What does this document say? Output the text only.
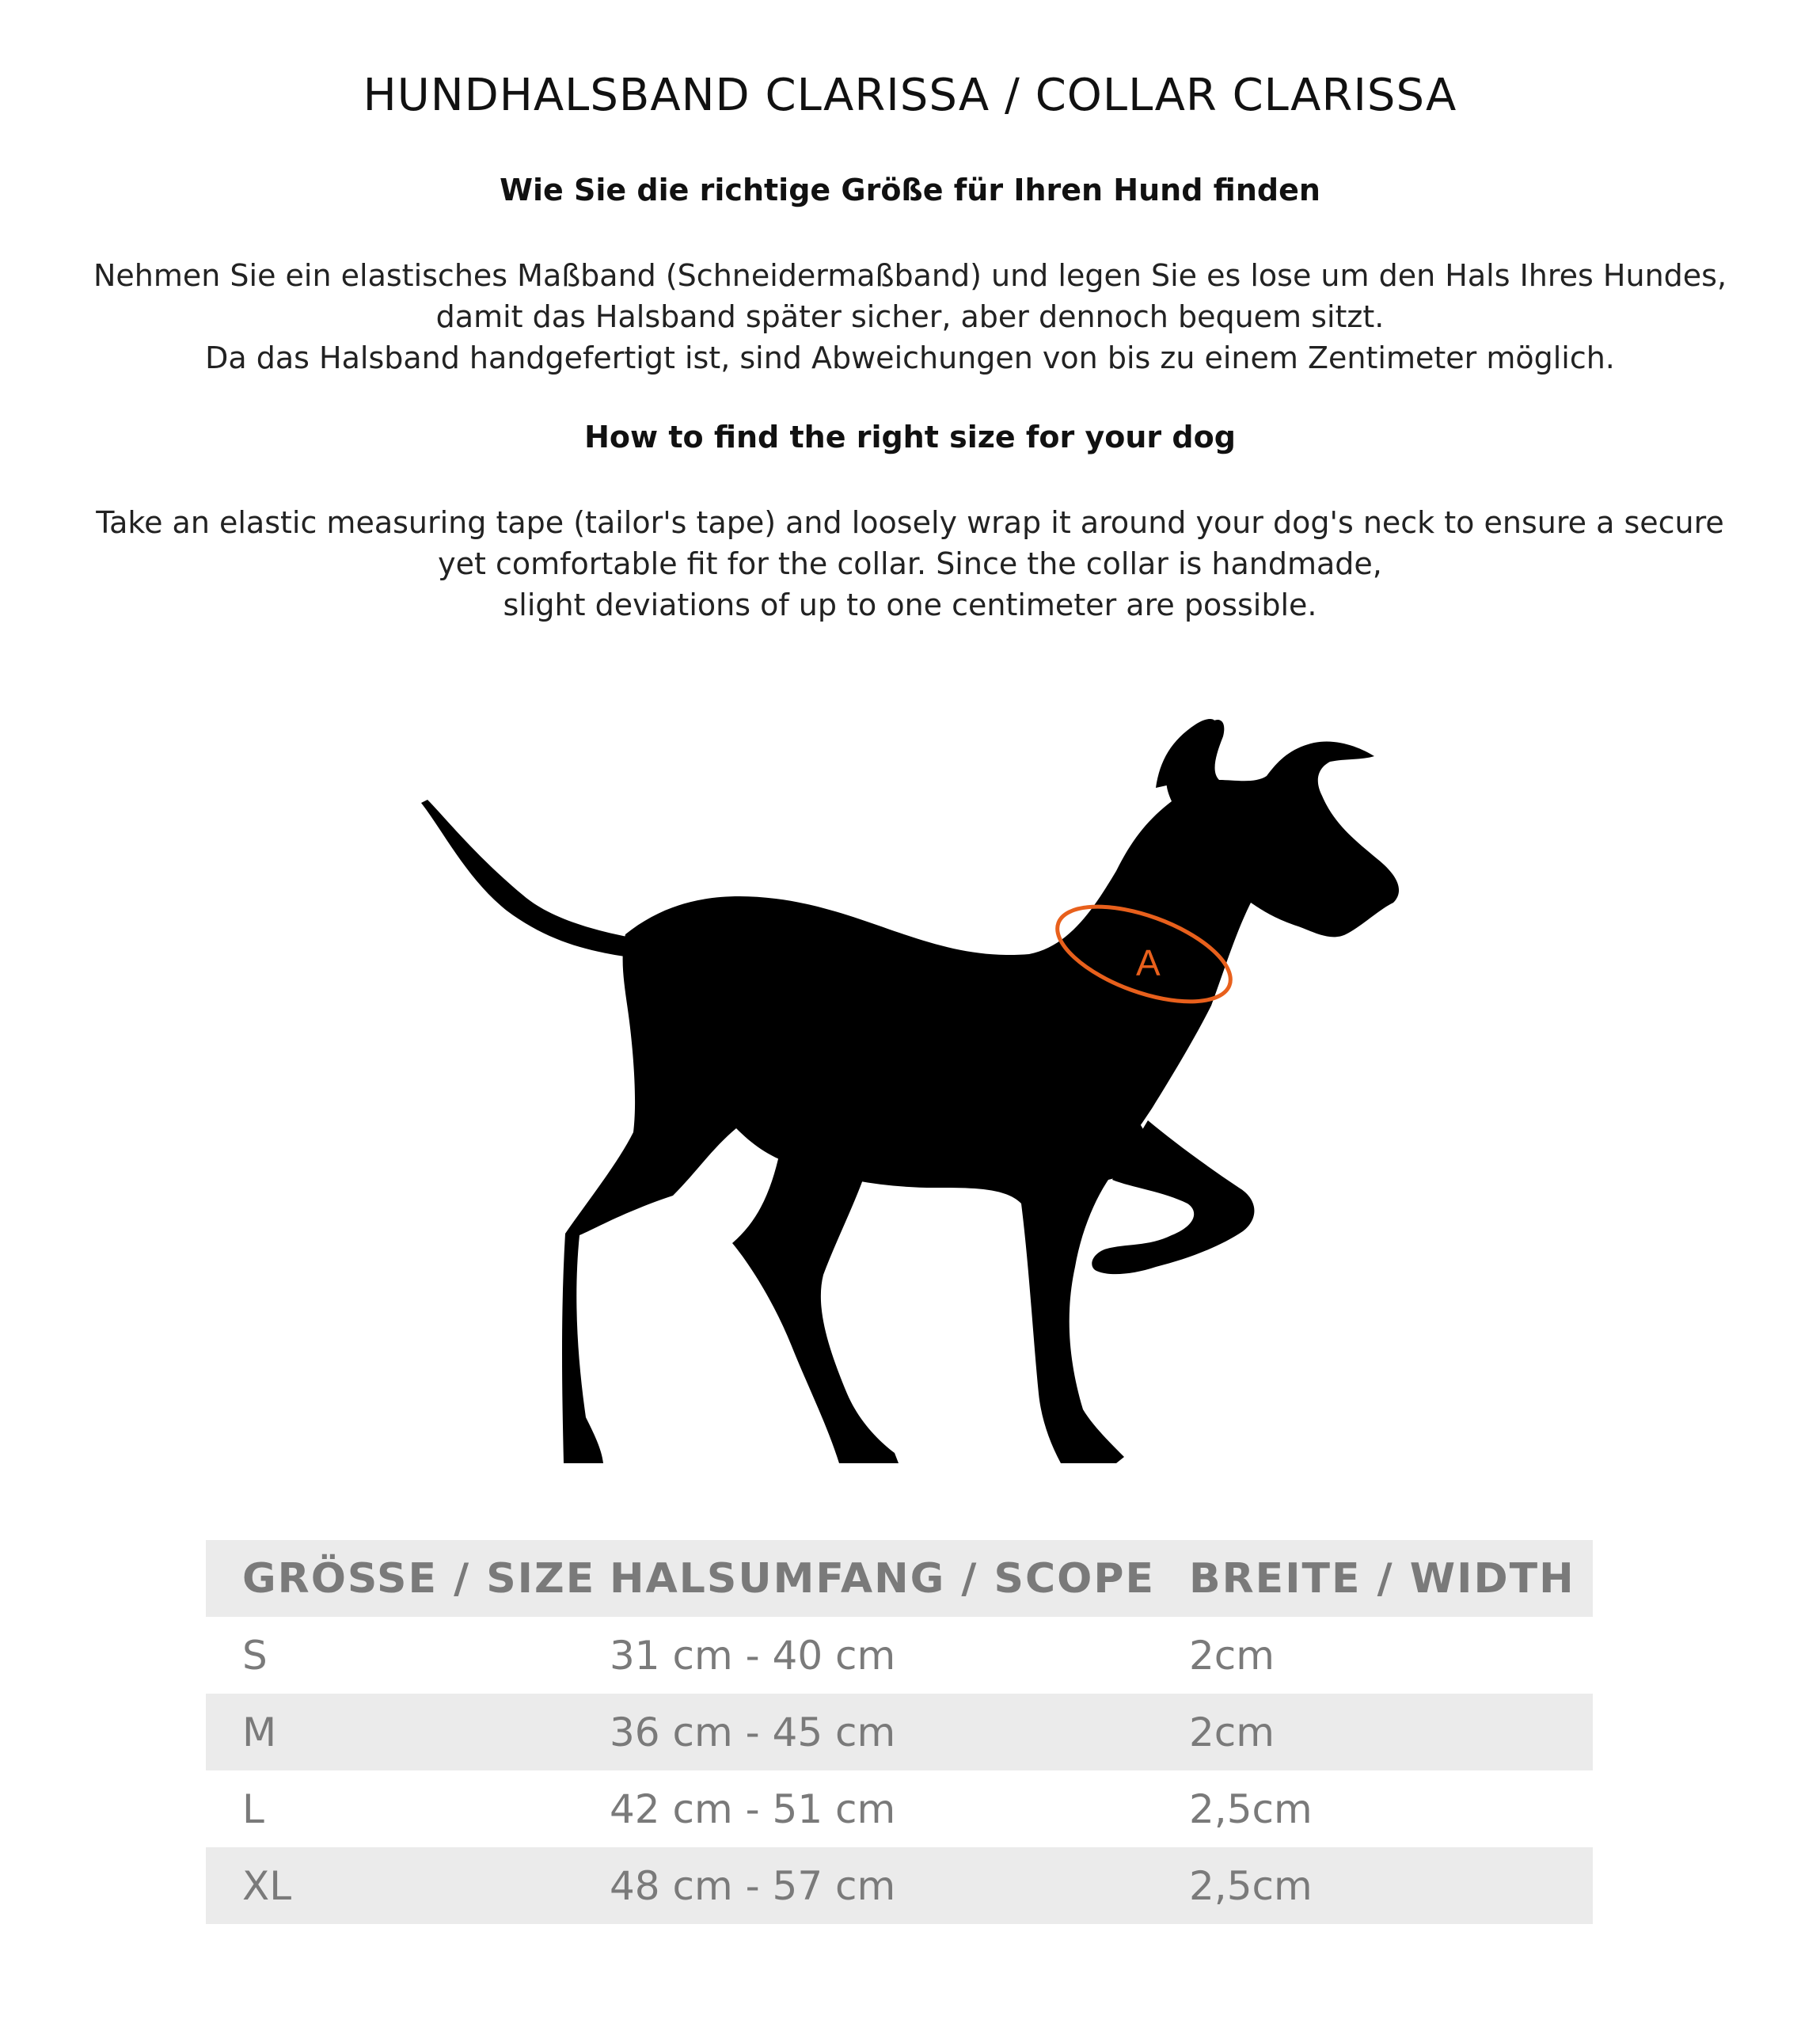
HUNDHALSBAND CLARISSA / COLLAR CLARISSA
Wie Sie die richtige Größe für Ihren Hund finden

Nehmen Sie ein elastisches Maßband (Schneidermaßband) und legen Sie es lose um den Hals Ihres Hundes,
damit das Halsband später sicher, aber dennoch bequem sitzt.
Da das Halsband handgefertigt ist, sind Abweichungen von bis zu einem Zentimeter möglich.

How to find the right size for your dog

Take an elastic measuring tape (tailor's tape) and loosely wrap it around your dog's neck to ensure a secure
yet comfortable fit for the collar. Since the collar is handmade,
slight deviations of up to one centimeter are possible.

A
GRÖSSE / SIZE	HALSUMFANG / SCOPE	BREITE / WIDTH
S	31 cm - 40 cm	2cm
M	36 cm - 45 cm	2cm
L	42 cm - 51 cm	2,5cm
XL	48 cm - 57 cm	2,5cm
